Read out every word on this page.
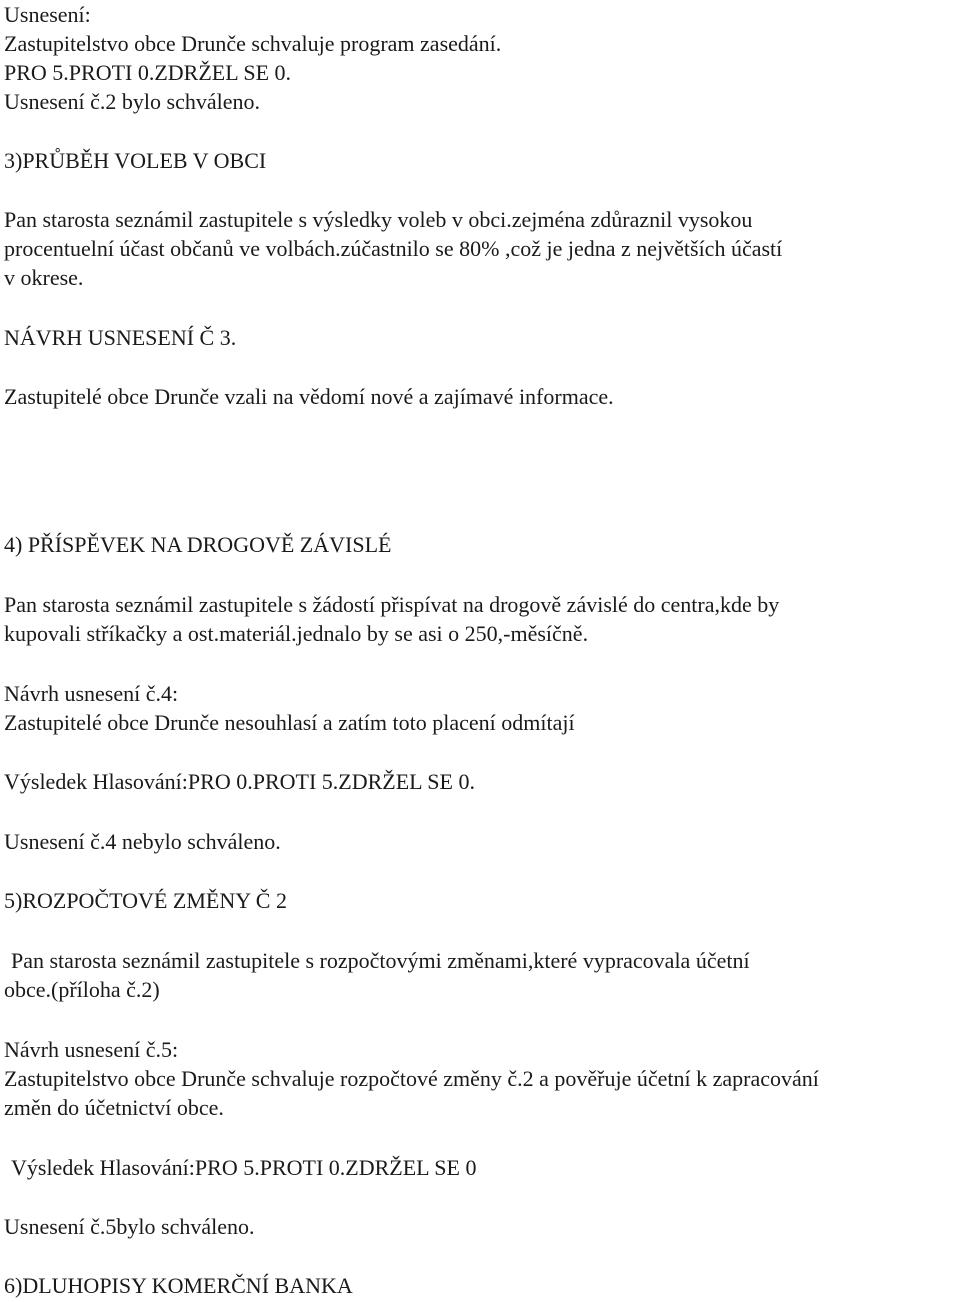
Usnesení:

Zastupitelstvo obce Drunče schvaluje program zasedání.

PRO 5.PROTI 0.ZDRŽEL SE 0.

Usnesení č.2 bylo schváleno.

3)PRŮBĚH VOLEB V OBCI

Pan starosta seznámil zastupitele s výsledky voleb v obci.zejména zdůraznil vysokou

procentuelní účast občanů ve volbách.zúčastnilo se 80% ,což je jedna z největších účastí

v okrese.

NÁVRH USNESENÍ Č 3.

Zastupitelé obce Drunče vzali na vědomí nové a zajímavé informace.

4) PŘÍSPĚVEK NA DROGOVĚ ZÁVISLÉ

Pan starosta seznámil zastupitele s žádostí přispívat na drogově závislé do centra,kde by

kupovali stříkačky a ost.materiál.jednalo by se asi o 250,-měsíčně.

Návrh usnesení č.4:

Zastupitelé obce Drunče nesouhlasí a zatím toto placení odmítají

Výsledek Hlasování:PRO 0.PROTI 5.ZDRŽEL SE 0.

Usnesení č.4 nebylo schváleno.

5)ROZPOČTOVÉ ZMĚNY Č 2

Pan starosta seznámil zastupitele s rozpočtovými změnami,které vypracovala účetní

obce.(příloha č.2)

Návrh usnesení č.5:

Zastupitelstvo obce Drunče schvaluje rozpočtové změny č.2 a pověřuje účetní k zapracování

změn do účetnictví obce.

Výsledek Hlasování:PRO 5.PROTI 0.ZDRŽEL SE 0

Usnesení č.5bylo schváleno.

6)DLUHOPISY KOMERČNÍ BANKA
